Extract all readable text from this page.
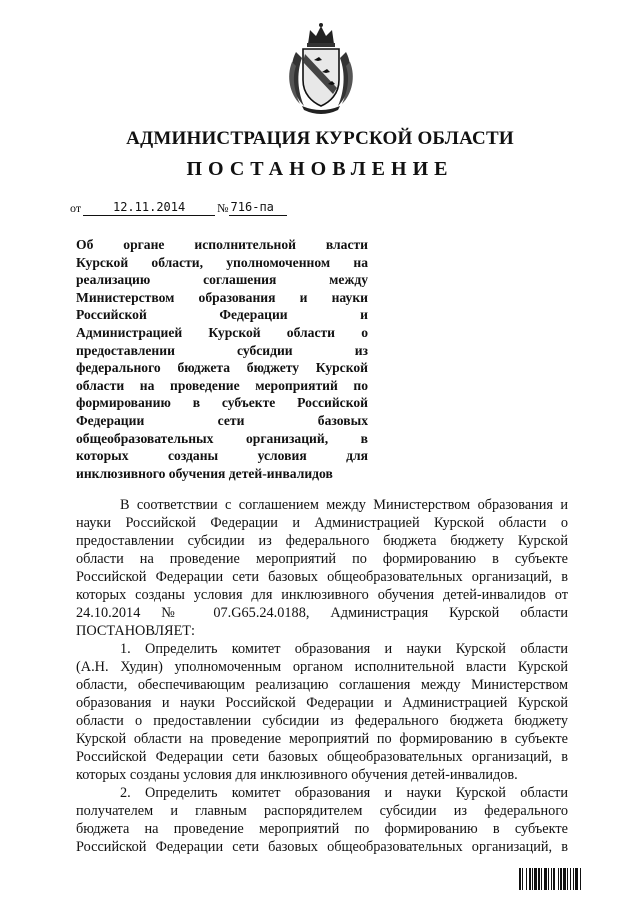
АДМИНИСТРАЦИЯ КУРСКОЙ ОБЛАСТИ
ПОСТАНОВЛЕНИЕ
от	12.11.2014	№ 716-па
Об органе исполнительной власти
Курской области, уполномоченном на
реализацию соглашения между
Министерством образования и науки
Российской Федерации и
Администрацией Курской области о
предоставлении субсидии из
федерального бюджета бюджету Курской
области на проведение мероприятий по
формированию в субъекте Российской
Федерации сети базовых
общеобразовательных организаций, в
которых созданы условия для
инклюзивного обучения детей-инвалидов
В соответствии с соглашением между Министерством образования и
науки Российской Федерации и Администрацией Курской области о
предоставлении субсидии из федерального бюджета бюджету Курской
области на проведение мероприятий по формированию в субъекте
Российской Федерации сети базовых общеобразовательных организаций, в
которых созданы условия для инклюзивного обучения детей-инвалидов от
24.10.2014 № 07.G65.24.0188, Администрация Курской области
ПОСТАНОВЛЯЕТ:
1. Определить комитет образования и науки Курской области
(А.Н. Худин) уполномоченным органом исполнительной власти Курской
области, обеспечивающим реализацию соглашения между Министерством
образования и науки Российской Федерации и Администрацией Курской
области о предоставлении субсидии из федерального бюджета бюджету
Курской области на проведение мероприятий по формированию в субъекте
Российской Федерации сети базовых общеобразовательных организаций, в
которых созданы условия для инклюзивного обучения детей-инвалидов.
2. Определить комитет образования и науки Курской области
получателем и главным распорядителем субсидии из федерального
бюджета на проведение мероприятий по формированию в субъекте
Российской Федерации сети базовых общеобразовательных организаций, в
